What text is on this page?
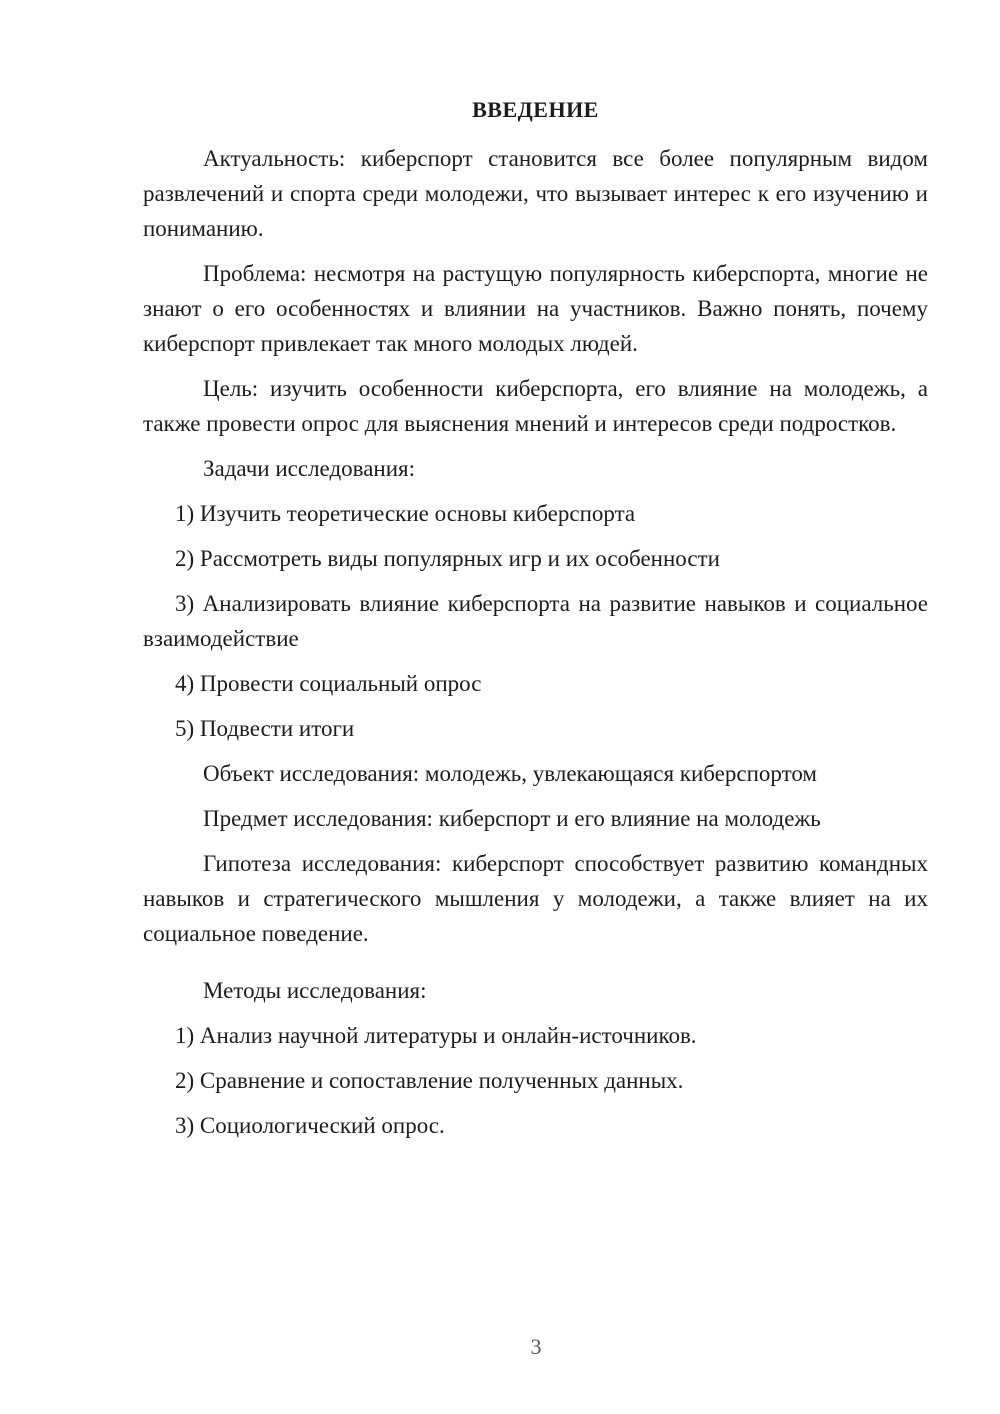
ВВЕДЕНИЕ

Актуальность: киберспорт становится все более популярным видом развлечений и спорта среди молодежи, что вызывает интерес к его изучению и пониманию.

Проблема: несмотря на растущую популярность киберспорта, многие не знают о его особенностях и влиянии на участников. Важно понять, почему киберспорт привлекает так много молодых людей.

Цель: изучить особенности киберспорта, его влияние на молодежь, а также провести опрос для выяснения мнений и интересов среди подростков.

Задачи исследования:

1) Изучить теоретические основы киберспорта

2) Рассмотреть виды популярных игр и их особенности

3) Анализировать влияние киберспорта на развитие навыков и социальное взаимодействие

4) Провести социальный опрос

5) Подвести итоги

Объект исследования: молодежь, увлекающаяся киберспортом

Предмет исследования: киберспорт и его влияние на молодежь

Гипотеза исследования: киберспорт способствует развитию командных навыков и стратегического мышления у молодежи, а также влияет на их социальное поведение.

Методы исследования:

1) Анализ научной литературы и онлайн-источников.

2) Сравнение и сопоставление полученных данных.

3) Социологический опрос.

3
